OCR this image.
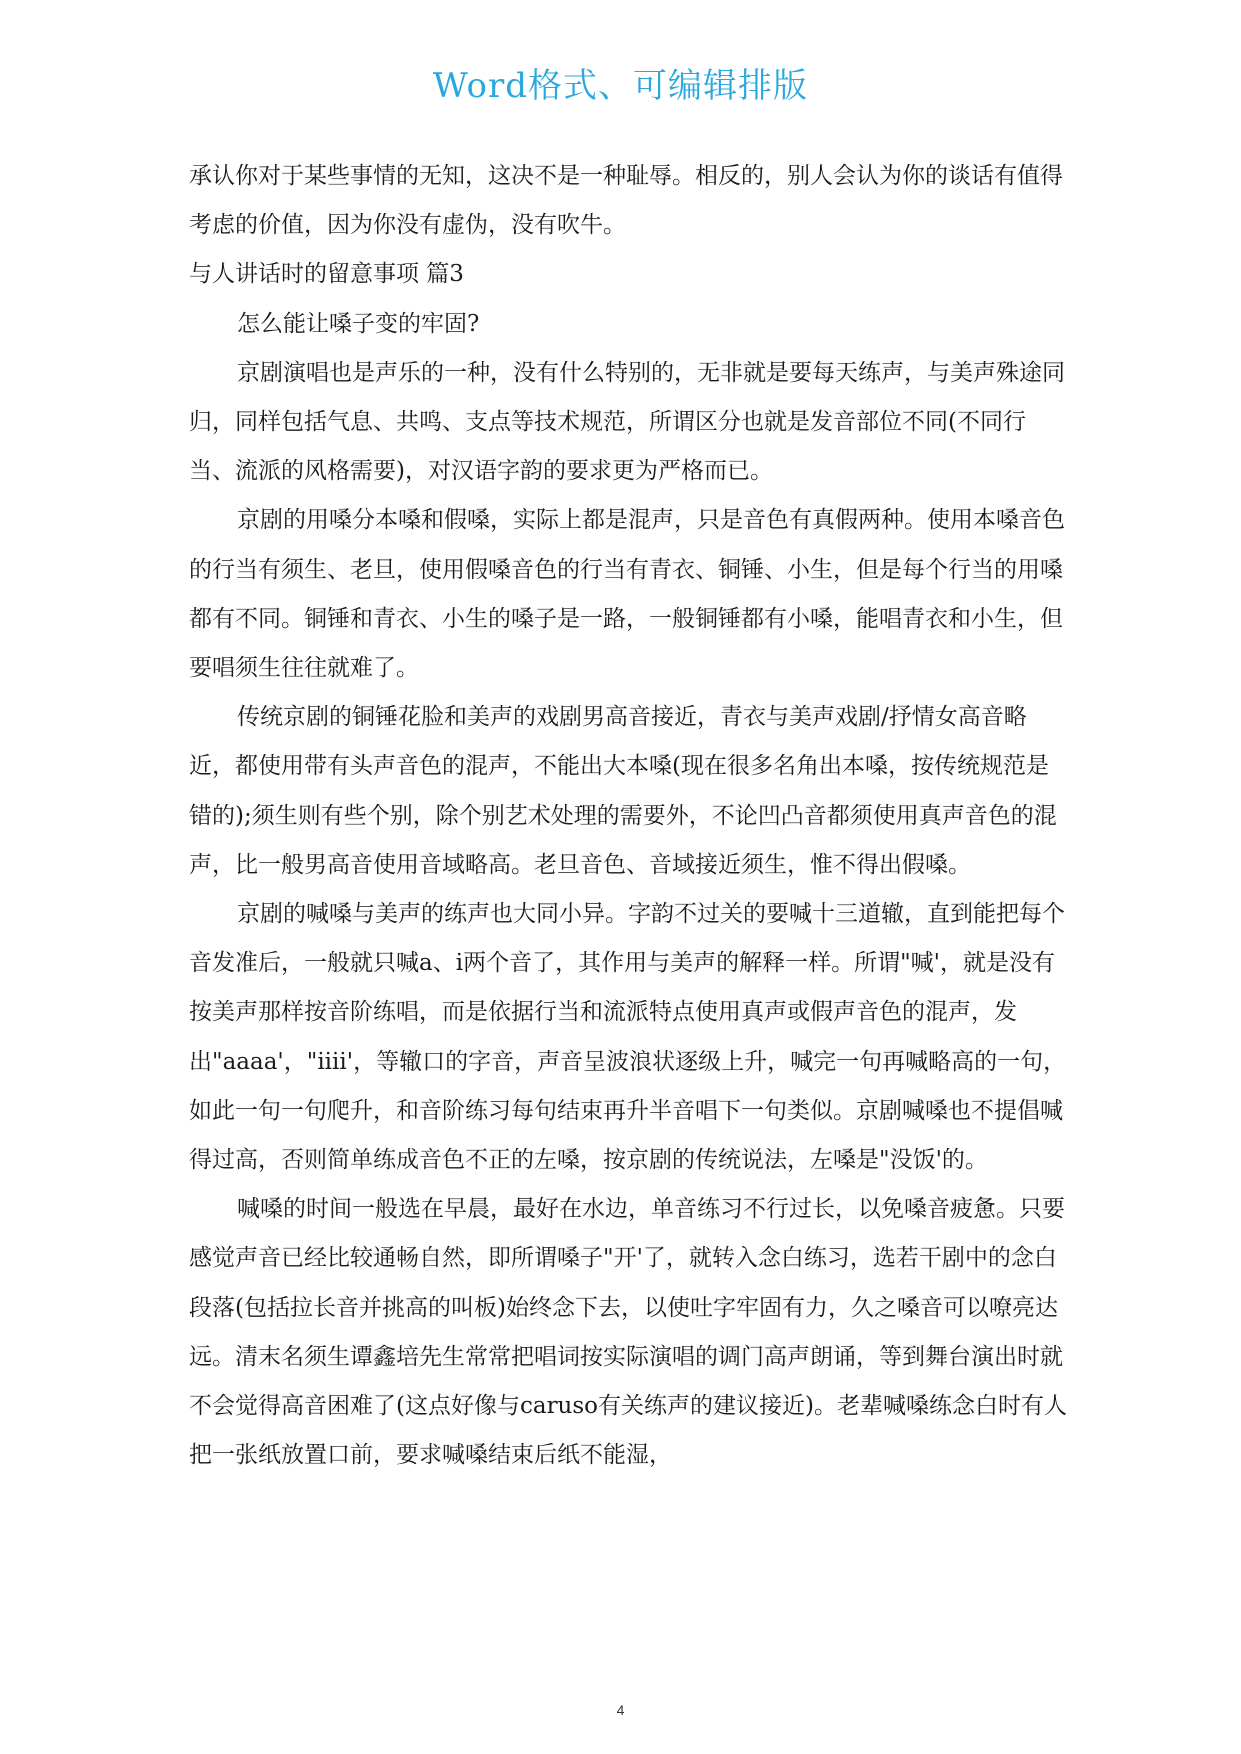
Word格式、可编辑排版

承认你对于某些事情的无知，这决不是一种耻辱。相反的，别人会认为你的谈话有值得考虑的价值，因为你没有虚伪，没有吹牛。

与人讲话时的留意事项 篇3

怎么能让嗓子变的牢固?

京剧演唱也是声乐的一种，没有什么特别的，无非就是要每天练声，与美声殊途同归，同样包括气息、共鸣、支点等技术规范，所谓区分也就是发音部位不同(不同行当、流派的风格需要)，对汉语字韵的要求更为严格而已。

京剧的用嗓分本嗓和假嗓，实际上都是混声，只是音色有真假两种。使用本嗓音色的行当有须生、老旦，使用假嗓音色的行当有青衣、铜锤、小生，但是每个行当的用嗓都有不同。铜锤和青衣、小生的嗓子是一路，一般铜锤都有小嗓，能唱青衣和小生，但要唱须生往往就难了。

传统京剧的铜锤花脸和美声的戏剧男高音接近，青衣与美声戏剧/抒情女高音略近，都使用带有头声音色的混声，不能出大本嗓(现在很多名角出本嗓，按传统规范是错的);须生则有些个别，除个别艺术处理的需要外，不论凹凸音都须使用真声音色的混声，比一般男高音使用音域略高。老旦音色、音域接近须生，惟不得出假嗓。

京剧的喊嗓与美声的练声也大同小异。字韵不过关的要喊十三道辙，直到能把每个音发准后，一般就只喊a、i两个音了，其作用与美声的解释一样。所谓"喊'，就是没有按美声那样按音阶练唱，而是依据行当和流派特点使用真声或假声音色的混声，发出"aaaa'，"iiii'，等辙口的字音，声音呈波浪状逐级上升，喊完一句再喊略高的一句，如此一句一句爬升，和音阶练习每句结束再升半音唱下一句类似。京剧喊嗓也不提倡喊得过高，否则简单练成音色不正的左嗓，按京剧的传统说法，左嗓是"没饭'的。

喊嗓的时间一般选在早晨，最好在水边，单音练习不行过长，以免嗓音疲惫。只要感觉声音已经比较通畅自然，即所谓嗓子"开'了，就转入念白练习，选若干剧中的念白段落(包括拉长音并挑高的叫板)始终念下去，以使吐字牢固有力，久之嗓音可以嘹亮达远。清末名须生谭鑫培先生常常把唱词按实际演唱的调门高声朗诵，等到舞台演出时就不会觉得高音困难了(这点好像与caruso有关练声的建议接近)。老辈喊嗓练念白时有人把一张纸放置口前，要求喊嗓结束后纸不能湿，

4
